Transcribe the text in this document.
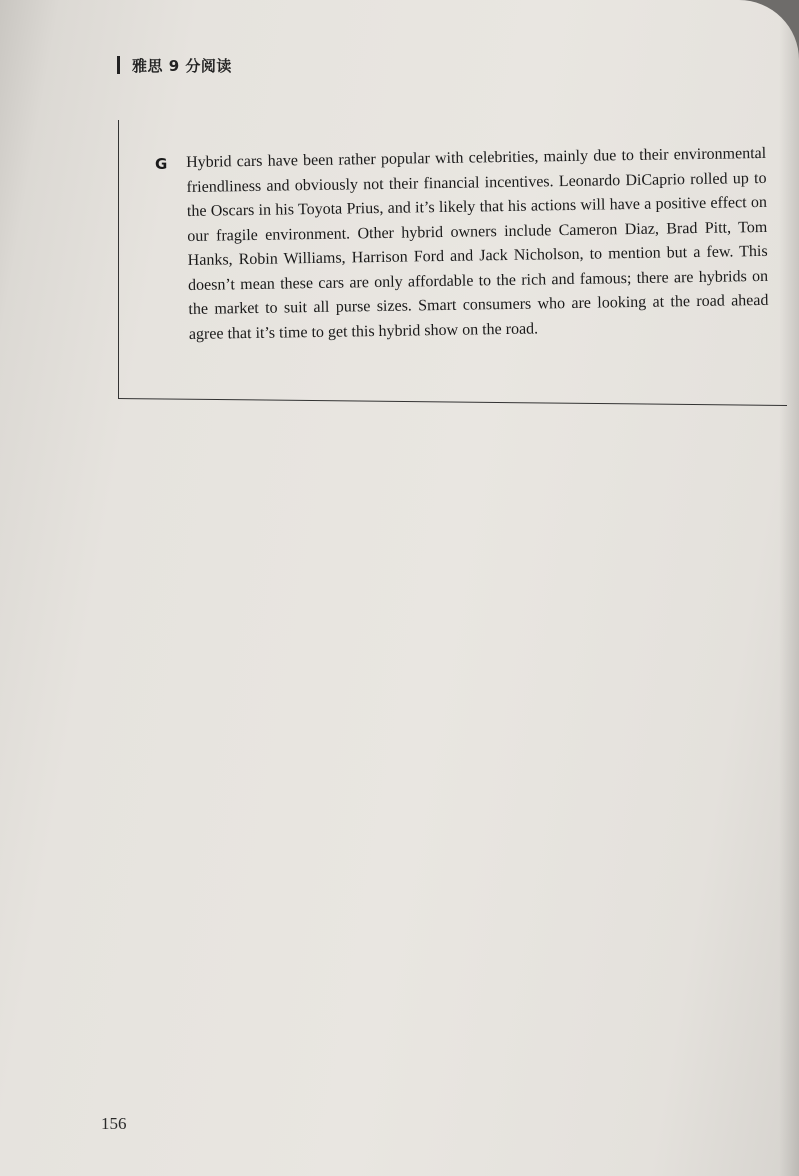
雅思 9 分阅读
G Hybrid cars have been rather popular with celebrities, mainly due to their environmental friendliness and obviously not their financial incentives. Leonardo DiCaprio rolled up to the Oscars in his Toyota Prius, and it’s likely that his actions will have a positive effect on our fragile environment. Other hybrid owners include Cameron Diaz, Brad Pitt, Tom Hanks, Robin Williams, Harrison Ford and Jack Nicholson, to mention but a few. This doesn’t mean these cars are only affordable to the rich and famous; there are hybrids on the market to suit all purse sizes. Smart consumers who are looking at the road ahead agree that it’s time to get this hybrid show on the road.

156
